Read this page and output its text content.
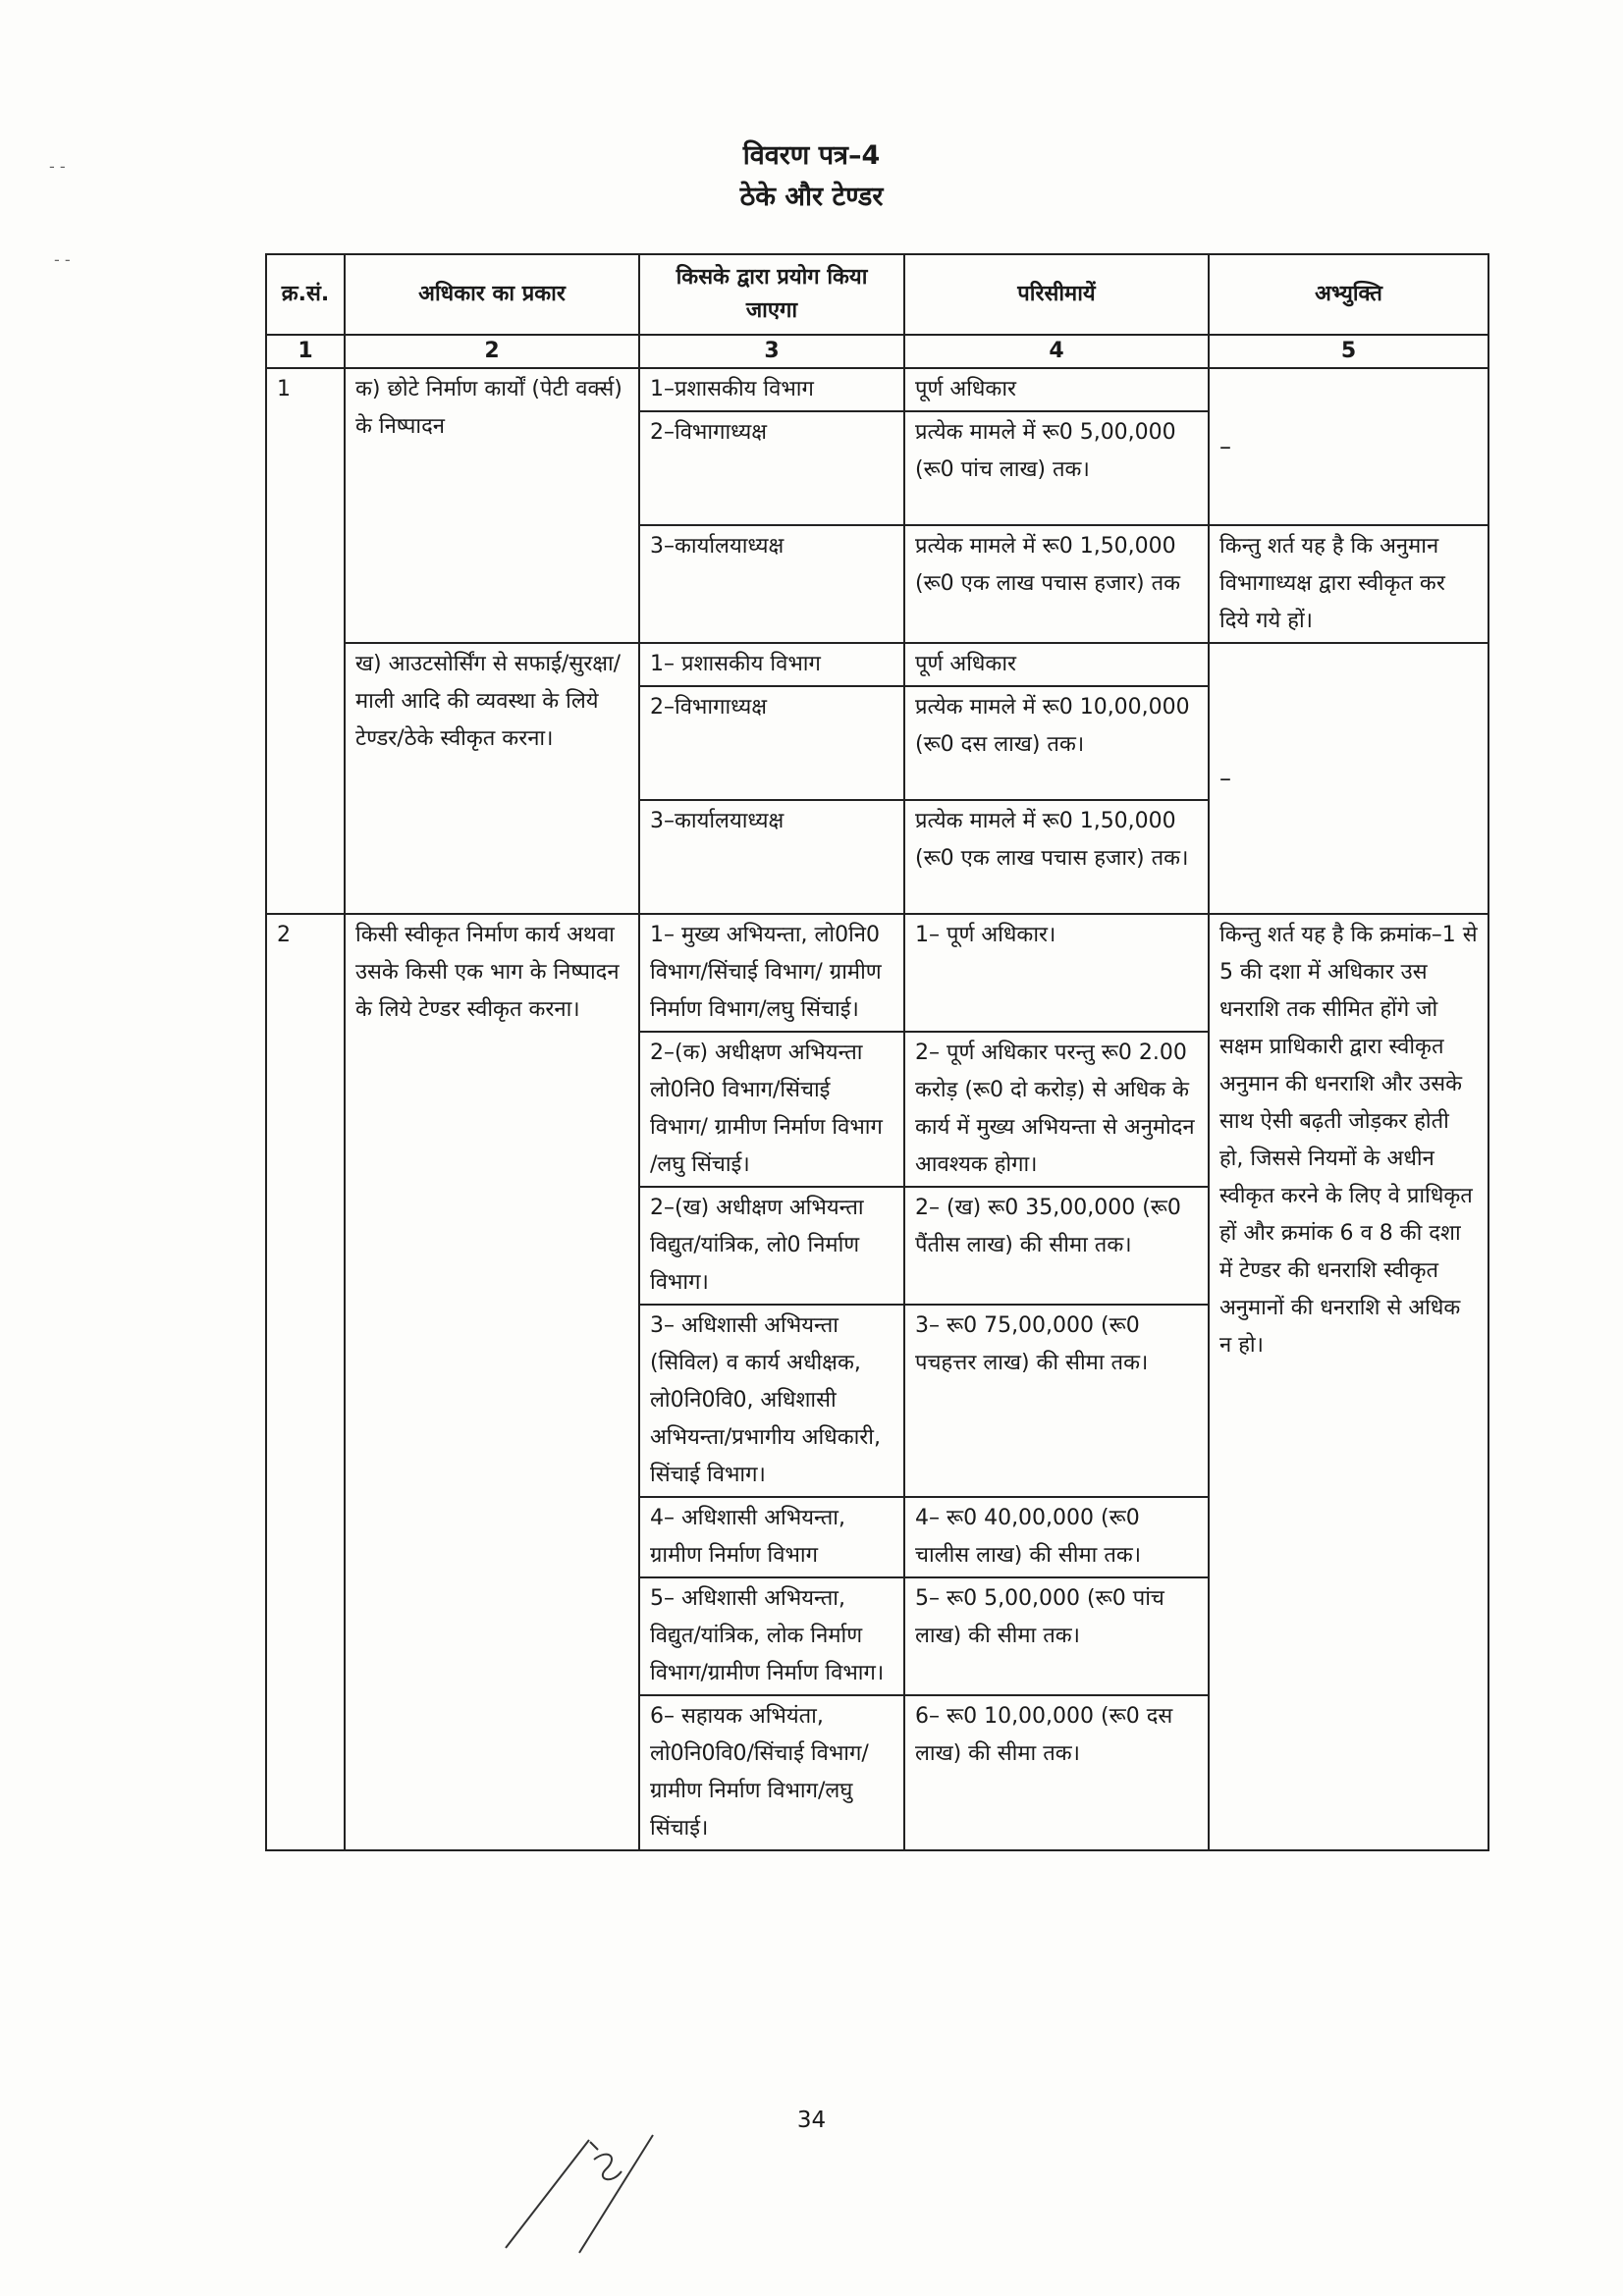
विवरण पत्र–4
ठेके और टेण्डर
- -
- -
क्र.सं.	अधिकार का प्रकार	किसके द्वारा प्रयोग किया जाएगा	परिसीमायें	अभ्युक्ति
1	2	3	4	5
1	क) छोटे निर्माण कार्यों (पेटी वर्क्स) के निष्पादन	1–प्रशासकीय विभाग	पूर्ण अधिकार	–
		2–विभागाध्यक्ष	प्रत्येक मामले में रू0 5,00,000 (रू0 पांच लाख) तक।	
		3–कार्यालयाध्यक्ष	प्रत्येक मामले में रू0 1,50,000 (रू0 एक लाख पचास हजार) तक	किन्तु शर्त यह है कि अनुमान विभागाध्यक्ष द्वारा स्वीकृत कर दिये गये हों।
	ख) आउटसोर्सिंग से सफाई/सुरक्षा/माली आदि की व्यवस्था के लिये टेण्डर/ठेके स्वीकृत करना।	1– प्रशासकीय विभाग	पूर्ण अधिकार	–
		2–विभागाध्यक्ष	प्रत्येक मामले में रू0 10,00,000 (रू0 दस लाख) तक।	
		3–कार्यालयाध्यक्ष	प्रत्येक मामले में रू0 1,50,000 (रू0 एक लाख पचास हजार) तक।	
2	किसी स्वीकृत निर्माण कार्य अथवा उसके किसी एक भाग के निष्पादन के लिये टेण्डर स्वीकृत करना।	1– मुख्य अभियन्ता, लो0नि0 विभाग/सिंचाई विभाग/ ग्रामीण निर्माण विभाग/लघु सिंचाई।	1– पूर्ण अधिकार।	किन्तु शर्त यह है कि क्रमांक–1 से 5 की दशा में अधिकार उस धनराशि तक सीमित होंगे जो सक्षम प्राधिकारी द्वारा स्वीकृत अनुमान की धनराशि और उसके साथ ऐसी बढ़ती जोड़कर होती हो, जिससे नियमों के अधीन स्वीकृत करने के लिए वे प्राधिकृत हों और क्रमांक 6 व 8 की दशा में टेण्डर की धनराशि स्वीकृत अनुमानों की धनराशि से अधिक न हो।
		2–(क) अधीक्षण अभियन्ता लो0नि0 विभाग/सिंचाई विभाग/ ग्रामीण निर्माण विभाग /लघु सिंचाई।	2– पूर्ण अधिकार परन्तु रू0 2.00 करोड़ (रू0 दो करोड़) से अधिक के कार्य में मुख्य अभियन्ता से अनुमोदन आवश्यक होगा।	
		2–(ख) अधीक्षण अभियन्ता विद्युत/यांत्रिक, लो0 निर्माण विभाग।	2– (ख) रू0 35,00,000 (रू0 पैंतीस लाख) की सीमा तक।	
		3– अधिशासी अभियन्ता (सिविल) व कार्य अधीक्षक, लो0नि0वि0, अधिशासी अभियन्ता/प्रभागीय अधिकारी, सिंचाई विभाग।	3– रू0 75,00,000 (रू0 पचहत्तर लाख) की सीमा तक।	
		4– अधिशासी अभियन्ता, ग्रामीण निर्माण विभाग	4– रू0 40,00,000 (रू0 चालीस लाख) की सीमा तक।	
		5– अधिशासी अभियन्ता, विद्युत/यांत्रिक, लोक निर्माण विभाग/ग्रामीण निर्माण विभाग।	5– रू0 5,00,000 (रू0 पांच लाख) की सीमा तक।	
		6– सहायक अभियंता, लो0नि0वि0/सिंचाई विभाग/ ग्रामीण निर्माण विभाग/लघु सिंचाई।	6– रू0 10,00,000 (रू0 दस लाख) की सीमा तक।	
34
